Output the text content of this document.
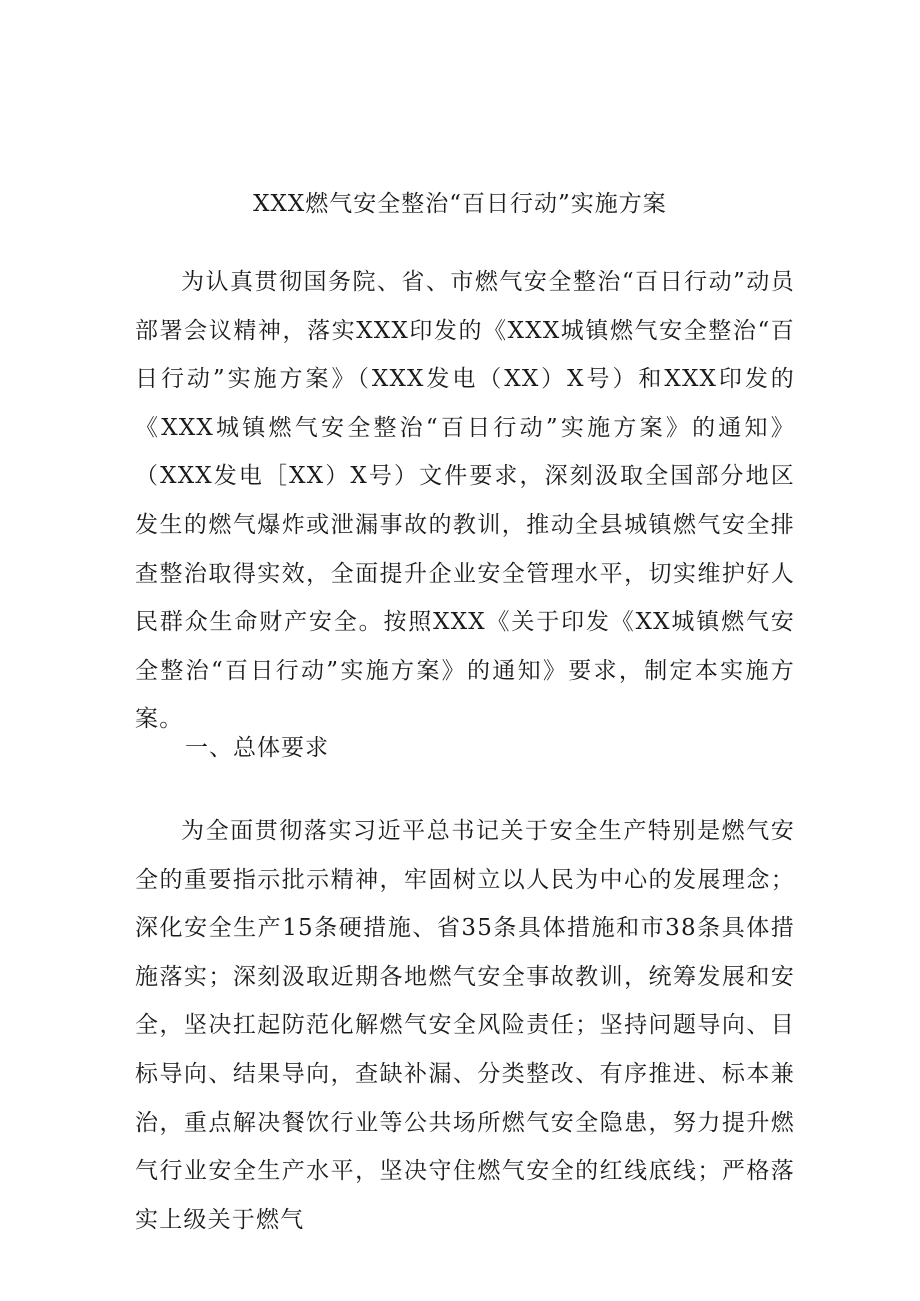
XXX燃气安全整治“百日行动”实施方案

为认真贯彻国务院、省、市燃气安全整治“百日行动”动员部署会议精神，落实XXX印发的《XXX城镇燃气安全整治“百日行动”实施方案》（XXX发电（XX）X号）和XXX印发的《XXX城镇燃气安全整治“百日行动”实施方案》的通知》（XXX发电［XX）X号）文件要求，深刻汲取全国部分地区发生的燃气爆炸或泄漏事故的教训，推动全县城镇燃气安全排查整治取得实效，全面提升企业安全管理水平，切实维护好人民群众生命财产安全。按照XXX《关于印发《XX城镇燃气安全整治“百日行动”实施方案》的通知》要求，制定本实施方案。

一、总体要求

为全面贯彻落实习近平总书记关于安全生产特别是燃气安全的重要指示批示精神，牢固树立以人民为中心的发展理念；深化安全生产15条硬措施、省35条具体措施和市38条具体措施落实；深刻汲取近期各地燃气安全事故教训，统筹发展和安全，坚决扛起防范化解燃气安全风险责任；坚持问题导向、目标导向、结果导向，查缺补漏、分类整改、有序推进、标本兼治，重点解决餐饮行业等公共场所燃气安全隐患，努力提升燃气行业安全生产水平，坚决守住燃气安全的红线底线；严格落实上级关于燃气
